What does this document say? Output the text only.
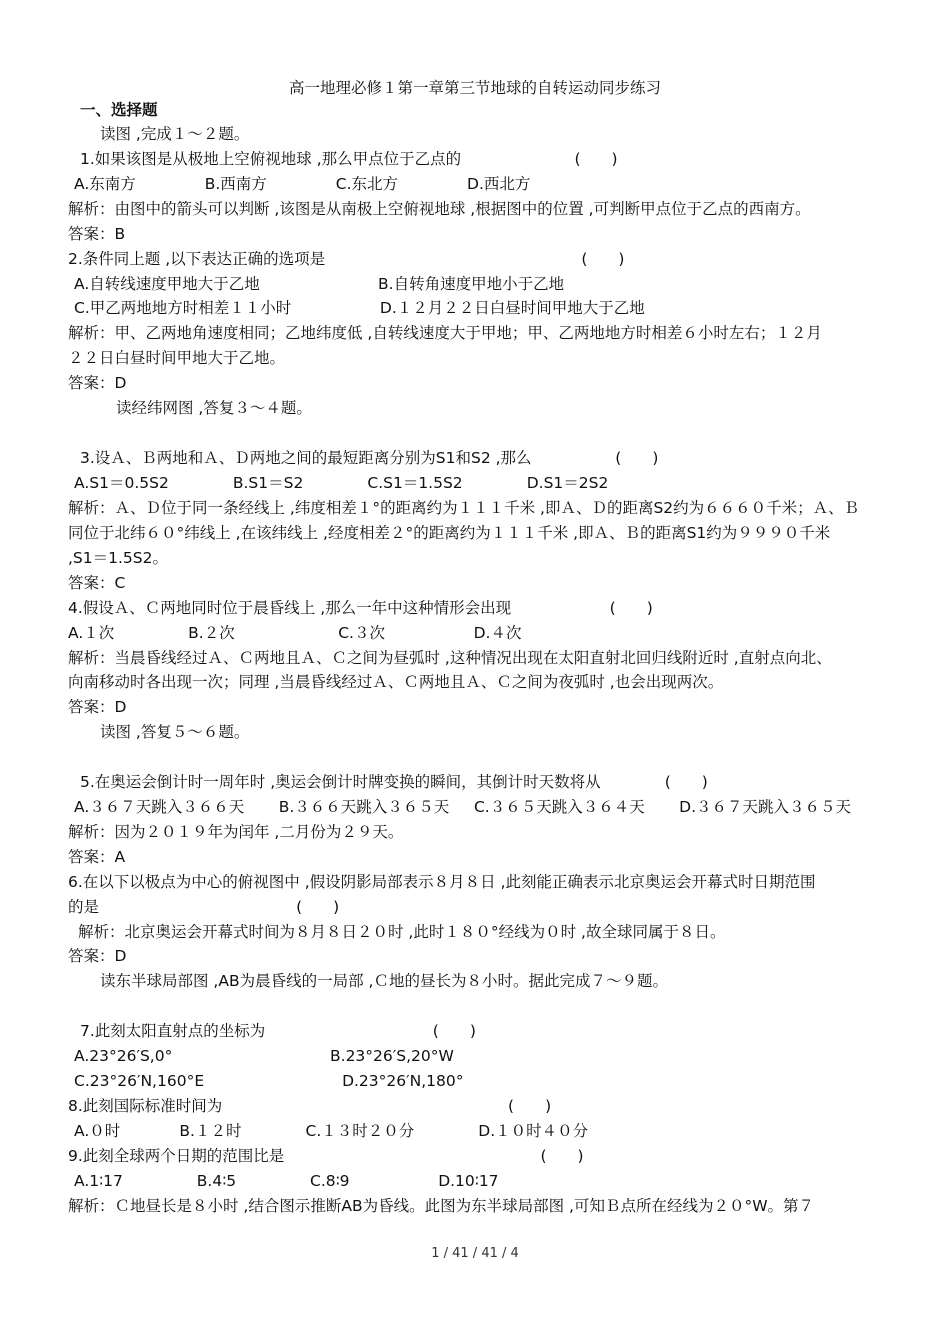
高一地理必修１第一章第三节地球的自转运动同步练习
一、选择题
读图 ,完成１～２题。
1.如果该图是从极地上空俯视地球 ,那么甲点位于乙点的                       (　　)
A.东南方              B.西南方              C.东北方              D.西北方
解析：由图中的箭头可以判断 ,该图是从南极上空俯视地球 ,根据图中的位置 ,可判断甲点位于乙点的西南方。
答案：B
2.条件同上题 ,以下表达正确的选项是                                                    (　　)
A.自转线速度甲地大于乙地                        B.自转角速度甲地小于乙地
C.甲乙两地地方时相差１１小时                  D.１２月２２日白昼时间甲地大于乙地
解析：甲、乙两地角速度相同；乙地纬度低 ,自转线速度大于甲地；甲、乙两地地方时相差６小时左右；１２月
２２日白昼时间甲地大于乙地。
答案：D
读经纬网图 ,答复３～４题。
3.设Ａ、Ｂ两地和Ａ、Ｄ两地之间的最短距离分别为S1和S2 ,那么                 (　　)
A.S1＝0.5S2             B.S1＝S2             C.S1＝1.5S2             D.S1＝2S2
解析：Ａ、Ｄ位于同一条经线上 ,纬度相差１°的距离约为１１１千米 ,即Ａ、Ｄ的距离S2约为６６６０千米；Ａ、Ｂ
同位于北纬６０°纬线上 ,在该纬线上 ,经度相差２°的距离约为１１１千米 ,即Ａ、Ｂ的距离S1约为９９９０千米
,S1＝1.5S2。
答案：C
4.假设Ａ、Ｃ两地同时位于晨昏线上 ,那么一年中这种情形会出现                    (　　)
A.１次               B.２次                     C.３次                  D.４次
解析：当晨昏线经过Ａ、Ｃ两地且Ａ、Ｃ之间为昼弧时 ,这种情况出现在太阳直射北回归线附近时 ,直射点向北、
向南移动时各出现一次；同理 ,当晨昏线经过Ａ、Ｃ两地且Ａ、Ｃ之间为夜弧时 ,也会出现两次。
答案：D
读图 ,答复５～６题。
5.在奥运会倒计时一周年时 ,奥运会倒计时牌变换的瞬间，其倒计时天数将从             (　　)
A.３６７天跳入３６６天       B.３６６天跳入３６５天     C.３６５天跳入３６４天       D.３６７天跳入３６５天
解析：因为２０１９年为闰年 ,二月份为２９天。
答案：A
6.在以下以极点为中心的俯视图中 ,假设阴影局部表示８月８日 ,此刻能正确表示北京奥运会开幕式时日期范围
的是                                        (　　)
解析：北京奥运会开幕式时间为８月８日２０时 ,此时１８０°经线为０时 ,故全球同属于８日。
答案：D
读东半球局部图 ,AB为晨昏线的一局部 ,Ｃ地的昼长为８小时。据此完成７～９题。
7.此刻太阳直射点的坐标为                                  (　　)
A.23°26′S,0°                                B.23°26′S,20°W
C.23°26′N,160°E                            D.23°26′N,180°
8.此刻国际标准时间为                                                          (　　)
A.０时            B.１２时             C.１３时２０分             D.１０时４０分
9.此刻全球两个日期的范围比是                                                    (　　)
A.1∶17               B.4∶5               C.8∶9                  D.10∶17
解析：Ｃ地昼长是８小时 ,结合图示推断AB为昏线。此图为东半球局部图 ,可知Ｂ点所在经线为２０°W。第７
1 / 41 / 41 / 4
